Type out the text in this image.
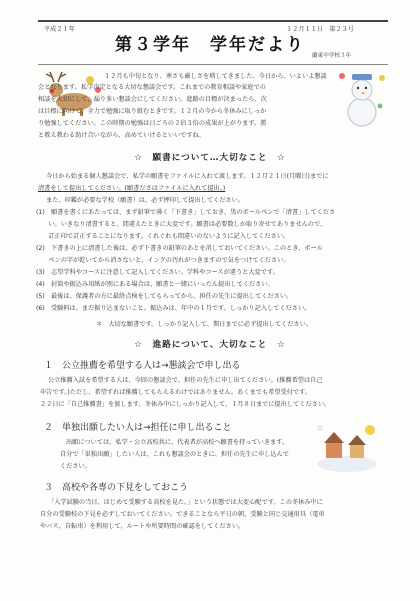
平成２１年	１２月１１日　第２３号
第３学年　学年だより
蘭東中学校３年
１２月も中旬となり、寒さも厳しさを増してきました。今日から、いよいよ懇談
会となります。私学決定となる大切な懇談会です。これまでの教育相談や家庭での
相談を大切にして、漏り多い懇談会にしてください。進路の目標が決まったら、次
は目標に向けて、全力で勉強に取り組むときです。１２月の今から冬休みにしっか
り勉強してください。この時期の勉強は日ごろの２倍３倍の成果が上がります。勝
と教え教わる助け合いながら、高めていけるといいですね。
☆　願書について…大切なこと　☆
今日から始まる個人懇談会で、私学の願書をファイルに入れて渡します。１２月２１日(月曜日)までに
清書をして提出してください。(願書ださはファイルに入れて提出。)
また、印鑑が必要な学校（願書）は、必ず押印して提出してください。
(1)　願書を書くにあたっては、まず鉛筆で薄く「下書き」しておき、黒のボールペンで「清書」してくださ
　　い。いきなり清書すると、間違えたときに大変です。願書は必要数しか取り寄せてありませんので、
　　訂正印で訂正することになります。くれぐれも間違いのないように記入してください。
(2)　下書きの上に清書した後は、必ず下書きの鉛筆のあとを消しておいてください。このとき、ボール
　　ペンの字が乾いてから消さないと、インクの汚れがつきますので気をつけてください。
(3)　志望学科やコースに注意して記入してください。学科やコースが違うと大変です。
(4)　封筒や振込み用紙が別にある場合は、願書と一緒にいったん提出してください。
(5)　最後は、保護者の方に最終点検をしてもらってから、担任の先生に提出してください。
(6)　受験料は、まだ振り込まないこと。振込みは、年中の１月です。しっかり記入してください。
＊　大切な願書です。しっかり記入して、期日までに必ず提出してください。
☆　進路について、大切なこと　☆
１　公立推薦を希望する人は→懇談会で申し出る
公立推薦入試を希望する人は、今回の懇談会で、担任の先生に申し出てください。(推薦希望は自己
申告です。)ただし、希望すれば推薦してもらえるわけではありません。あくまでも希望受付です。
２２日に「自己推薦書」を渡します。冬休み中にしっかり記入して、１月８日までに提出してください。
２　単独出願したい人は→担任に申し出ること
出願については、私学・公立高校共に、代表者が高校へ願書を持っていきます。
自分で「単独出願」したい人は、これも懇談会のときに、担任の先生に申し込んで
ください。
３　高校や各専の下見をしておこう
「入学試験の当日、はじめて受験する高校を見た。」という状態では大変心配です。この冬休み中に
自分の受験校の下見を必ずしておいてください。できることなら平日の朝、受験と同じ交通用具（電車
やバス、自転車）を利用して、ルートや所要時間の確認をしてください。
